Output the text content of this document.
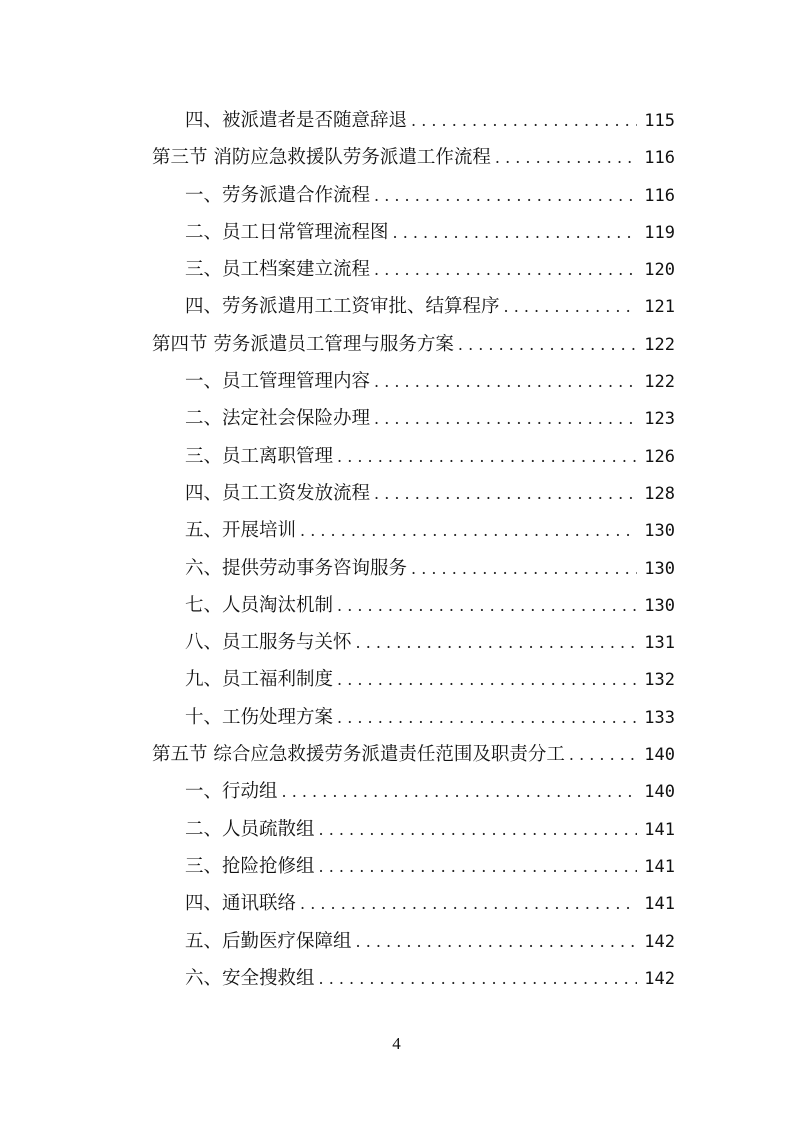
四、被派遣者是否随意辞退 . . .	115
第三节 消防应急救援队劳务派遣工作流程 . . .	116
一、劳务派遣合作流程 . . .	116
二、员工日常管理流程图 . . .	119
三、员工档案建立流程 . . .	120
四、劳务派遣用工工资审批、结算程序 . . .	121
第四节 劳务派遣员工管理与服务方案 . . .	122
一、员工管理管理内容 . . .	122
二、法定社会保险办理 . . .	123
三、员工离职管理 . . .	126
四、员工工资发放流程 . . .	128
五、开展培训 . . .	130
六、提供劳动事务咨询服务 . . .	130
七、人员淘汰机制 . . .	130
八、员工服务与关怀 . . .	131
九、员工福利制度 . . .	132
十、工伤处理方案 . . .	133
第五节 综合应急救援劳务派遣责任范围及职责分工 . . .	140
一、行动组 . . .	140
二、人员疏散组 . . .	141
三、抢险抢修组 . . .	141
四、通讯联络 . . .	141
五、后勤医疗保障组 . . .	142
六、安全搜救组 . . .	142
4
